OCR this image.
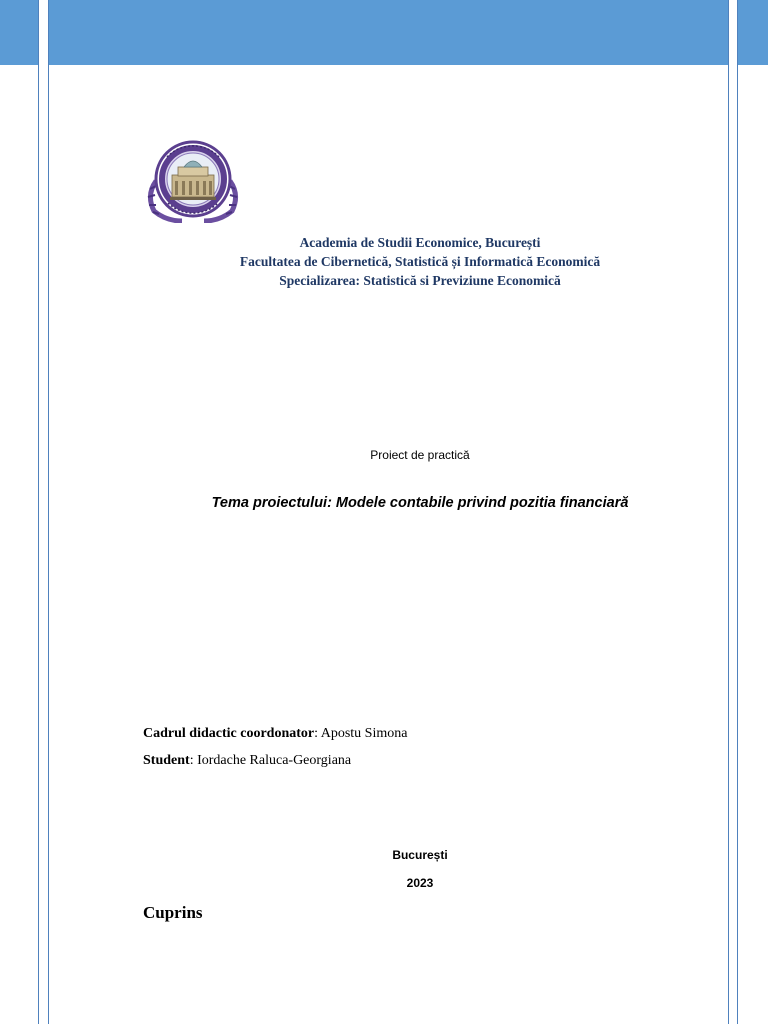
Academia de Studii Economice, București
Facultatea de Cibernetică, Statistică și Informatică Economică
Specializarea: Statistică si Previziune Economică
Proiect de practică
Tema proiectului: Modele contabile privind pozitia financiară
Cadrul didactic coordonator: Apostu Simona
Student: Iordache Raluca-Georgiana
București
2023
Cuprins
